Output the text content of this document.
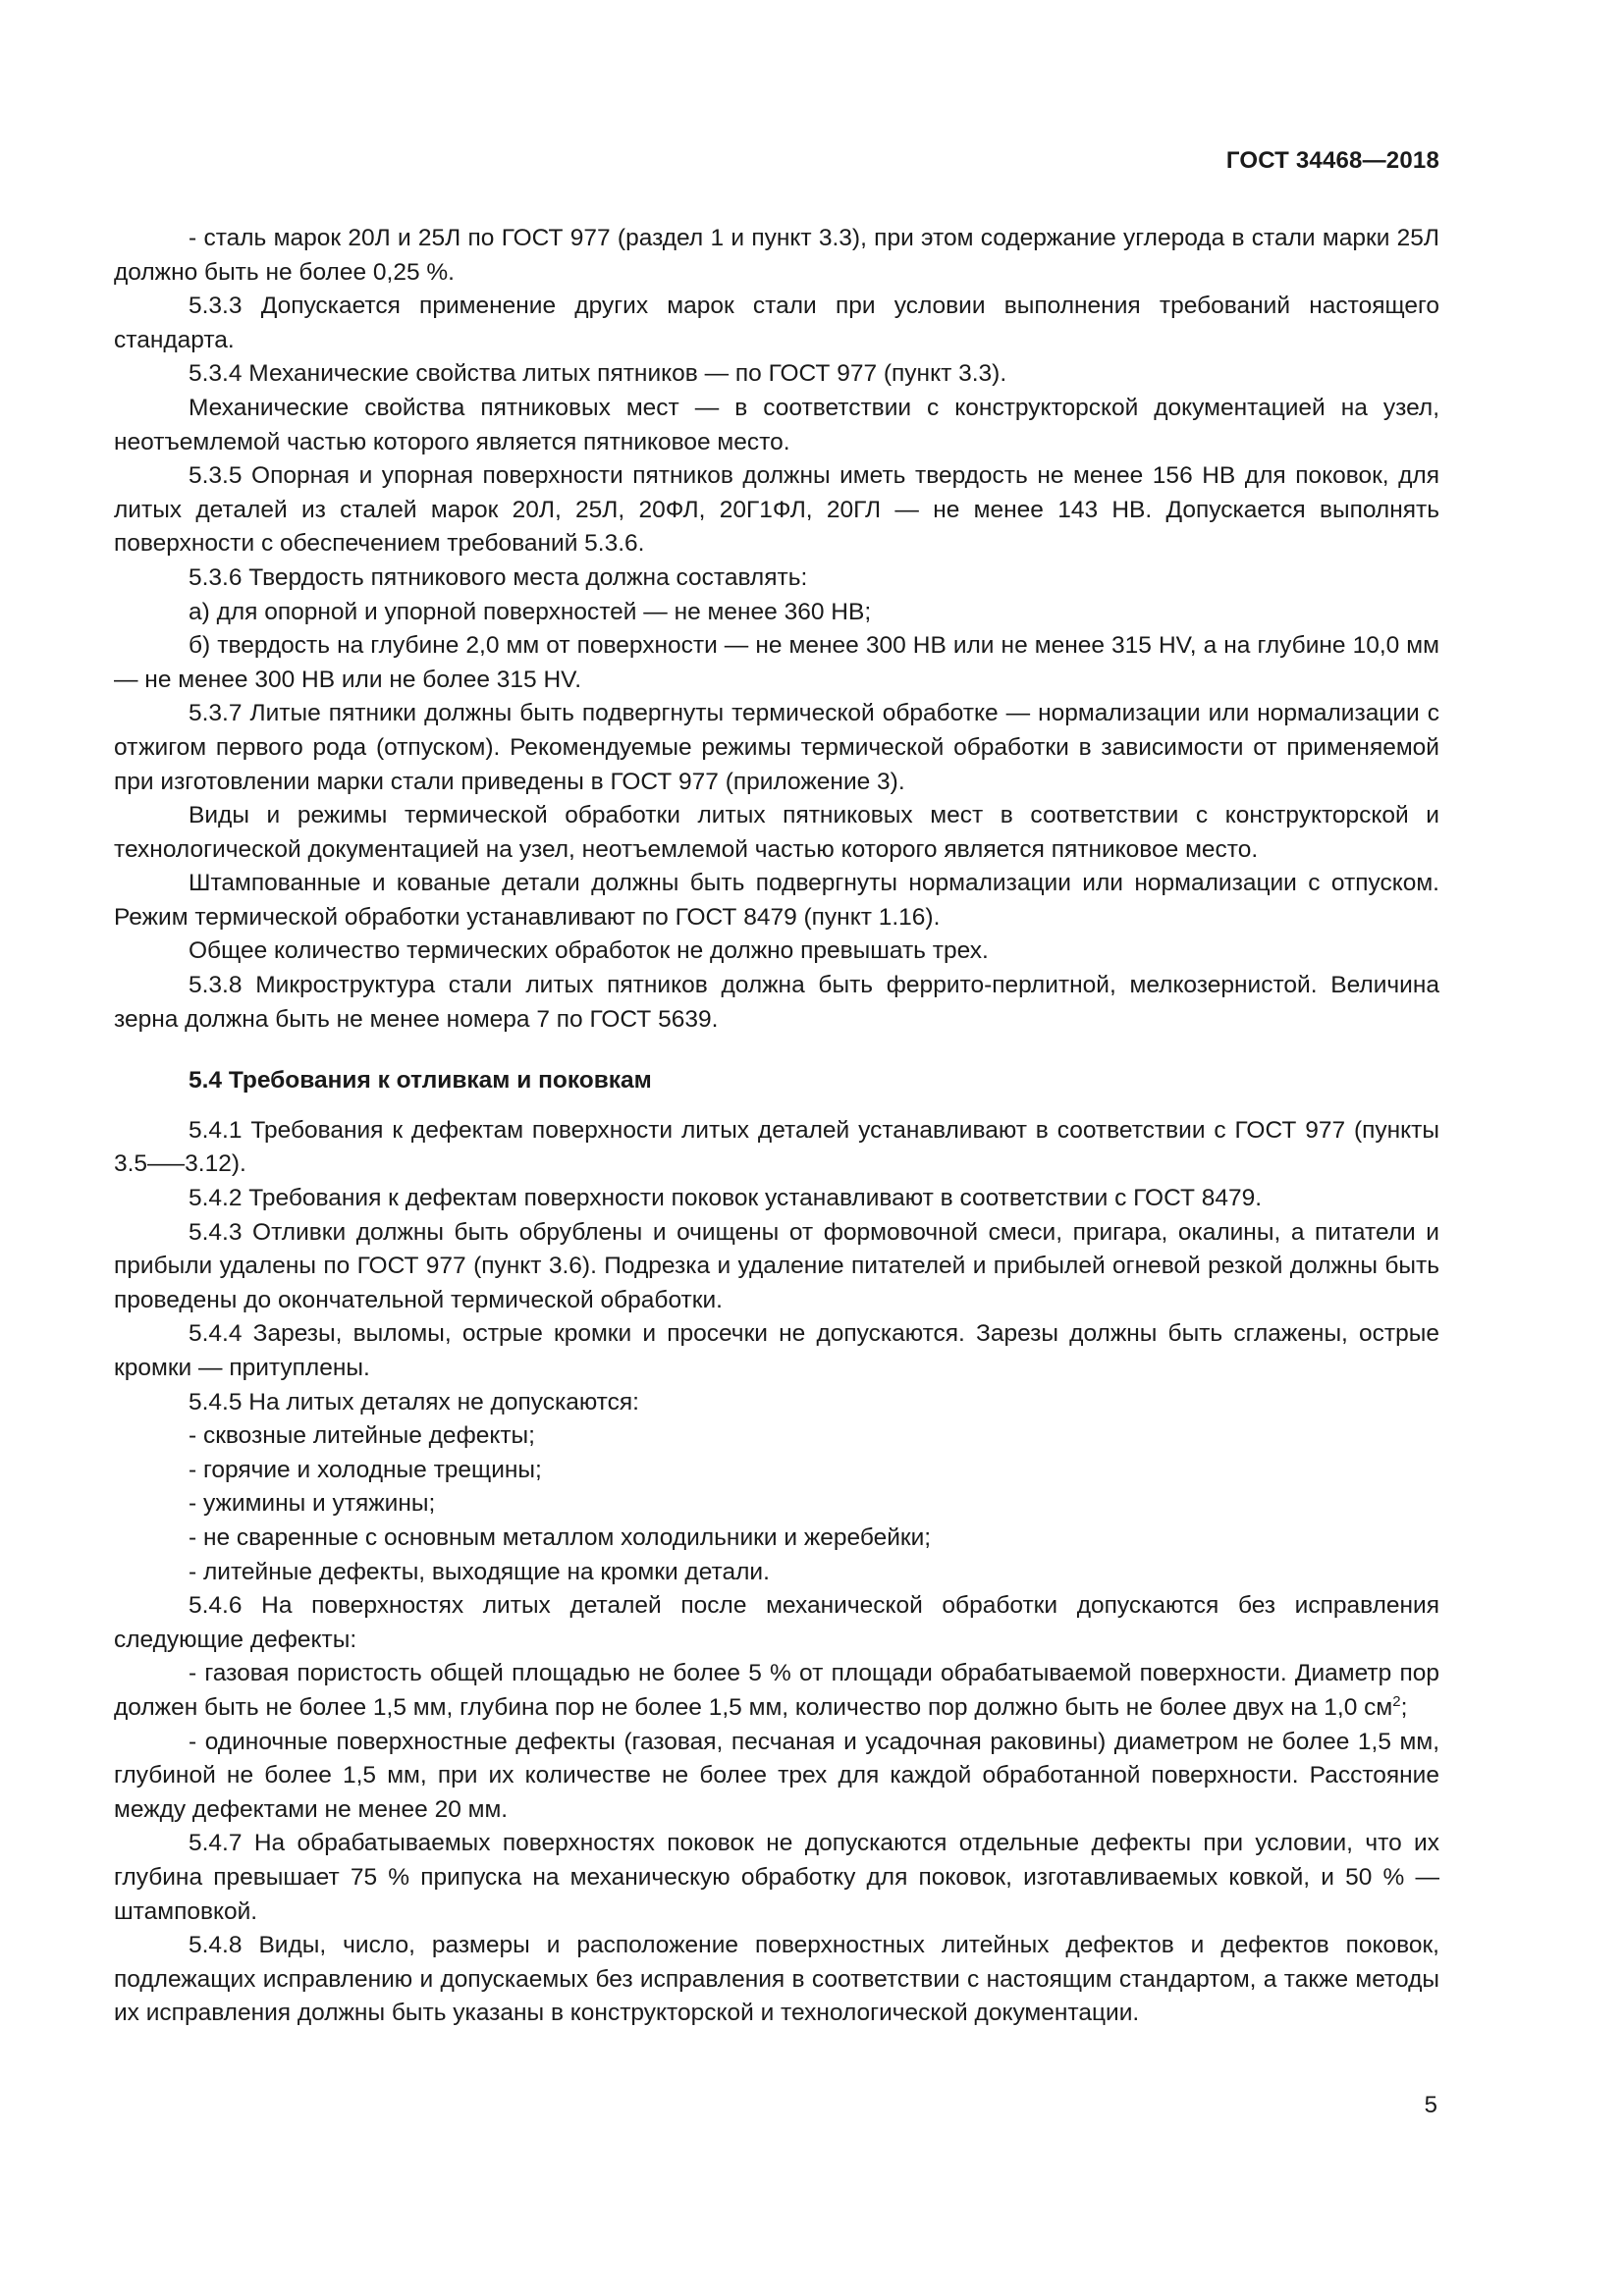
ГОСТ 34468—2018

- сталь марок 20Л и 25Л по ГОСТ 977 (раздел 1 и пункт 3.3), при этом содержание углерода в стали марки 25Л должно быть не более 0,25 %.

5.3.3 Допускается применение других марок стали при условии выполнения требований настоящего стандарта.

5.3.4 Механические свойства литых пятников — по ГОСТ 977 (пункт 3.3).

Механические свойства пятниковых мест — в соответствии с конструкторской документацией на узел, неотъемлемой частью которого является пятниковое место.

5.3.5 Опорная и упорная поверхности пятников должны иметь твердость не менее 156 НВ для поковок, для литых деталей из сталей марок 20Л, 25Л, 20ФЛ, 20Г1ФЛ, 20ГЛ — не менее 143 НВ. Допускается выполнять поверхности с обеспечением требований 5.3.6.

5.3.6 Твердость пятникового места должна составлять:

а) для опорной и упорной поверхностей — не менее 360 НВ;

б) твердость на глубине 2,0 мм от поверхности — не менее 300 НВ или не менее 315 HV, а на глубине 10,0 мм — не менее 300 НВ или не более 315 HV.

5.3.7 Литые пятники должны быть подвергнуты термической обработке — нормализации или нормализации с отжигом первого рода (отпуском). Рекомендуемые режимы термической обработки в зависимости от применяемой при изготовлении марки стали приведены в ГОСТ 977 (приложение 3).

Виды и режимы термической обработки литых пятниковых мест в соответствии с конструкторской и технологической документацией на узел, неотъемлемой частью которого является пятниковое место.

Штампованные и кованые детали должны быть подвергнуты нормализации или нормализации с отпуском. Режим термической обработки устанавливают по ГОСТ 8479 (пункт 1.16).

Общее количество термических обработок не должно превышать трех.

5.3.8 Микроструктура стали литых пятников должна быть феррито-перлитной, мелкозернистой. Величина зерна должна быть не менее номера 7 по ГОСТ 5639.

5.4 Требования к отливкам и поковкам

5.4.1 Требования к дефектам поверхности литых деталей устанавливают в соответствии с ГОСТ 977 (пункты 3.5—–3.12).

5.4.2 Требования к дефектам поверхности поковок устанавливают в соответствии с ГОСТ 8479.

5.4.3 Отливки должны быть обрублены и очищены от формовочной смеси, пригара, окалины, а питатели и прибыли удалены по ГОСТ 977 (пункт 3.6). Подрезка и удаление питателей и прибылей огневой резкой должны быть проведены до окончательной термической обработки.

5.4.4 Зарезы, выломы, острые кромки и просечки не допускаются. Зарезы должны быть сглажены, острые кромки — притуплены.

5.4.5 На литых деталях не допускаются:

- сквозные литейные дефекты;

- горячие и холодные трещины;

- ужимины и утяжины;

- не сваренные с основным металлом холодильники и жеребейки;

- литейные дефекты, выходящие на кромки детали.

5.4.6 На поверхностях литых деталей после механической обработки допускаются без исправления следующие дефекты:

- газовая пористость общей площадью не более 5 % от площади обрабатываемой поверхности. Диаметр пор должен быть не более 1,5 мм, глубина пор не более 1,5 мм, количество пор должно быть не более двух на 1,0 $см^2$;

- одиночные поверхностные дефекты (газовая, песчаная и усадочная раковины) диаметром не более 1,5 мм, глубиной не более 1,5 мм, при их количестве не более трех для каждой обработанной поверхности. Расстояние между дефектами не менее 20 мм.

5.4.7 На обрабатываемых поверхностях поковок не допускаются отдельные дефекты при условии, что их глубина превышает 75 % припуска на механическую обработку для поковок, изготавливаемых ковкой, и 50 % — штамповкой.

5.4.8 Виды, число, размеры и расположение поверхностных литейных дефектов и дефектов поковок, подлежащих исправлению и допускаемых без исправления в соответствии с настоящим стандартом, а также методы их исправления должны быть указаны в конструкторской и технологической документации.

5
